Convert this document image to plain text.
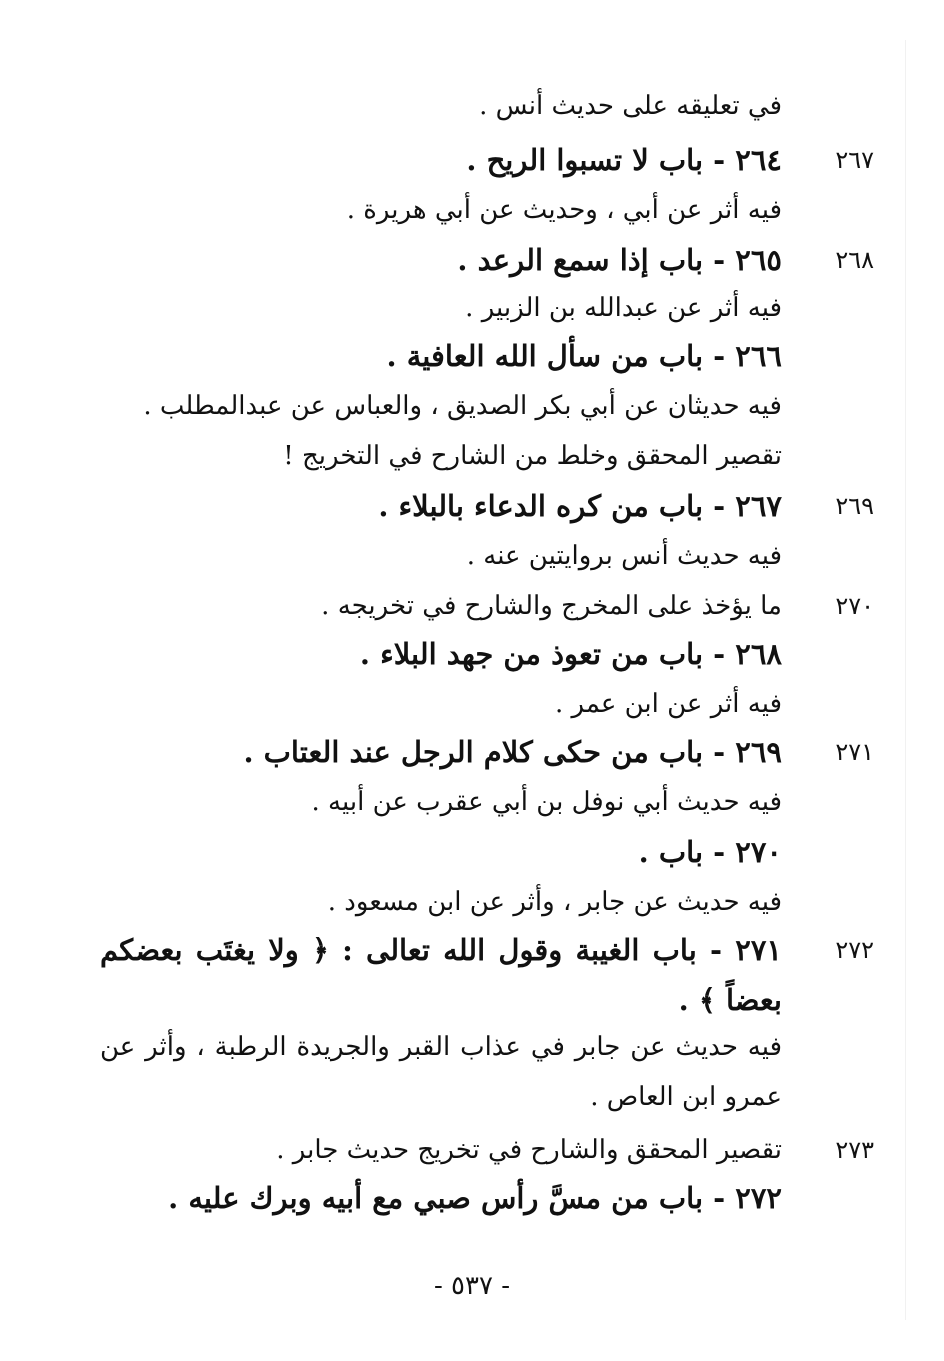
في تعليقه على حديث أنس .
٢٦٧
٢٦٤ - باب لا تسبوا الريح .
فيه أثر عن أبي ، وحديث عن أبي هريرة .
٢٦٨
٢٦٥ - باب إذا سمع الرعد .
فيه أثر عن عبدالله بن الزبير .
٢٦٦ - باب من سأل الله العافية .
فيه حديثان عن أبي بكر الصديق ، والعباس عن عبدالمطلب .
تقصير المحقق وخلط من الشارح في التخريج !
٢٦٩
٢٦٧ - باب من كره الدعاء بالبلاء .
فيه حديث أنس بروايتين عنه .
٢٧٠
ما يؤخذ على المخرج والشارح في تخريجه .
٢٦٨ - باب من تعوذ من جهد البلاء .
فيه أثر عن ابن عمر .
٢٧١
٢٦٩ - باب من حكى كلام الرجل عند العتاب .
فيه حديث أبي نوفل بن أبي عقرب عن أبيه .
٢٧٠ - باب .
فيه حديث عن جابر ، وأثر عن ابن مسعود .
٢٧٢
٢٧١ - باب الغيبة وقول الله تعالى : ﴿ ولا يغتَب بعضكم بعضاً ﴾ .
فيه حديث عن جابر في عذاب القبر والجريدة الرطبة ، وأثر عن عمرو ابن العاص .
٢٧٣
تقصير المحقق والشارح في تخريج حديث جابر .
٢٧٢ - باب من مسَّ رأس صبي مع أبيه وبرك عليه .
- ٥٣٧ -
